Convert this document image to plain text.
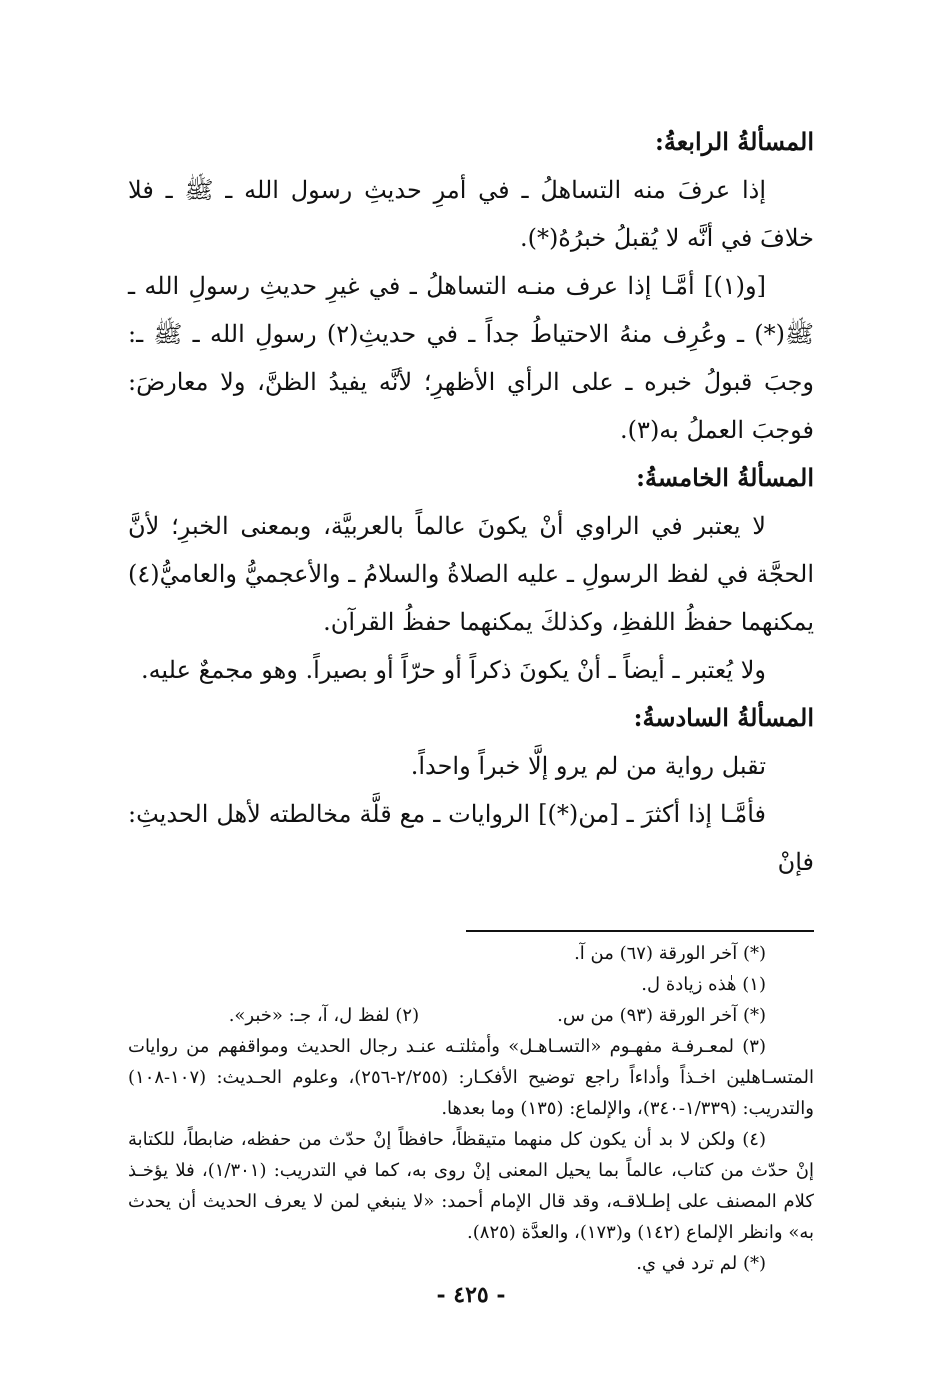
المسألةُ الرابعةُ:

إذا عرفَ منه التساهلُ ـ في أمرِ حديثِ رسول الله ـ ﷺ ـ فلا خلافَ في أنَّه لا يُقبلُ خبرُهُ(*).

[و(١)] أمَّـا إذا عرف منـه التساهلُ ـ في غيرِ حديثِ رسولِ الله ـ ﷺ(*) ـ وعُرِف منهُ الاحتياطُ جداً ـ في حديثِ(٢) رسولِ الله ـ ﷺ ـ: وجبَ قبولُ خبره ـ على الرأي الأظهرِ؛ لأنَّه يفيدُ الظنَّ، ولا معارضَ: فوجبَ العملُ به(٣).

المسألةُ الخامسةُ:

لا يعتبر في الراوي أنْ يكونَ عالماً بالعربيَّة، وبمعنى الخبرِ؛ لأنَّ الحجَّة في لفظ الرسولِ ـ عليه الصلاةُ والسلامُ ـ والأعجميُّ والعاميُّ(٤) يمكنهما حفظُ اللفظِ، وكذلكَ يمكنهما حفظُ القرآن.

ولا يُعتبر ـ أيضاً ـ أنْ يكونَ ذكراً أو حرّاً أو بصيراً. وهو مجمعٌ عليه.

المسألةُ السادسةُ:

تقبل رواية من لم يرو إلَّا خبراً واحداً.

فأمَّـا إذا أكثرَ ـ [من(*)] الروايات ـ مع قلَّة مخالطته لأهل الحديثِ: فإنْ

(*) آخر الورقة (٦٧) من آ.

(١) هٰذه زيادة ل.

(*) آخر الورقة (٩٣) من س.
(٢) لفظ ل، آ، جـ: «خبر».

(٣) لمعـرفـة مفهـوم «التسـاهـل» وأمثلتـه عنـد رجال الحديث ومواقفهم من روايات المتسـاهلين اخـذاً وأداءاً راجع توضيح الأفكـار: (٢/٢٥٥-٢٥٦)، وعلوم الحـديث: (١٠٧-١٠٨) والتدريب: (١/٣٣٩-٣٤٠)، والإلماع: (١٣٥) وما بعدها.

(٤) ولكن لا بد أن يكون كل منهما متيقظاً، حافظاً إنْ حدّث من حفظه، ضابطاً، للكتابة إنْ حدّث من كتاب، عالماً بما يحيل المعنى إنْ روى به، كما في التدريب: (١/٣٠١)، فلا يؤخـذ كلام المصنف على إطـلاقـه، وقد قال الإمام أحمد: «لا ينبغي لمن لا يعرف الحديث أن يحدث به» وانظر الإلماع (١٤٢) و(١٧٣)، والعدَّة (٨٢٥).

(*) لم ترد في ي.

- ٤٢٥ -
